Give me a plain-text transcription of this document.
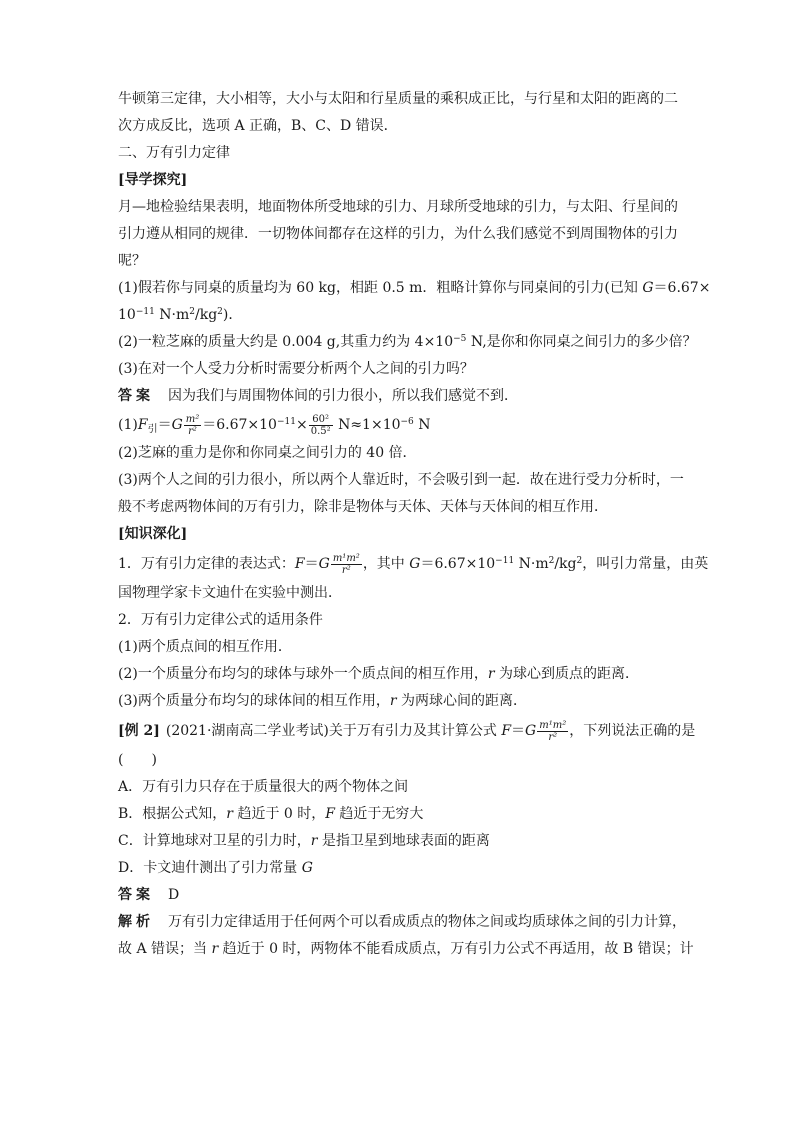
牛顿第三定律，大小相等，大小与太阳和行星质量的乘积成正比，与行星和太阳的距离的二
次方成反比，选项 A 正确，B、C、D 错误．
二、万有引力定律
[导学探究]
月—地检验结果表明，地面物体所受地球的引力、月球所受地球的引力，与太阳、行星间的
引力遵从相同的规律．一切物体间都存在这样的引力，为什么我们感觉不到周围物体的引力
呢？
(1)假若你与同桌的质量均为 60 kg，相距 0.5 m．粗略计算你与同桌间的引力(已知 G＝6.67×
$10^{-11}$ $N\cdot m^2/kg^2$)．
(2)一粒芝麻的质量大约是 0.004 g,其重力约为 $4\times 10^{-5}$ N,是你和你同桌之间引力的多少倍？
(3)在对一个人受力分析时需要分析两个人之间的引力吗？
答案 因为我们与周围物体间的引力很小，所以我们感觉不到．
$(1)F_引=G \frac{\text{m²}}{\text{r²}} =6.67\times 10^{-11}\times \frac{\text{60²}}{\text{0.5²}} N\approx 1\times 10^{-6}$ N
(2)芝麻的重力是你和你同桌之间引力的 40 倍．
(3)两个人之间的引力很小，所以两个人靠近时，不会吸引到一起．故在进行受力分析时，一
般不考虑两物体间的万有引力，除非是物体与天体、天体与天体间的相互作用．
[知识深化]
1．万有引力定律的表达式：$F=G \frac{\text{m¹m²}}{\text{r²}}$ ，其中 $G=6.67\times 10^{-11}$ $N\cdot m^2/kg^2$，叫引力常量，由英
国物理学家卡文迪什在实验中测出．
2．万有引力定律公式的适用条件
(1)两个质点间的相互作用．
(2)一个质量分布均匀的球体与球外一个质点间的相互作用，r 为球心到质点的距离．
(3)两个质量分布均匀的球体间的相互作用，r 为两球心间的距离．
[例 2] (2021·湖南高二学业考试)关于万有引力及其计算公式 $F=G \frac{\text{m¹m²}}{\text{r²}}$ ，下列说法正确的是
(　　)
A．万有引力只存在于质量很大的两个物体之间
B．根据公式知，r 趋近于 0 时，F 趋近于无穷大
C．计算地球对卫星的引力时，r 是指卫星到地球表面的距离
D．卡文迪什测出了引力常量 G
答案 D
解析 万有引力定律适用于任何两个可以看成质点的物体之间或均质球体之间的引力计算，
故 A 错误；当 r 趋近于 0 时，两物体不能看成质点，万有引力公式不再适用，故 B 错误；计
